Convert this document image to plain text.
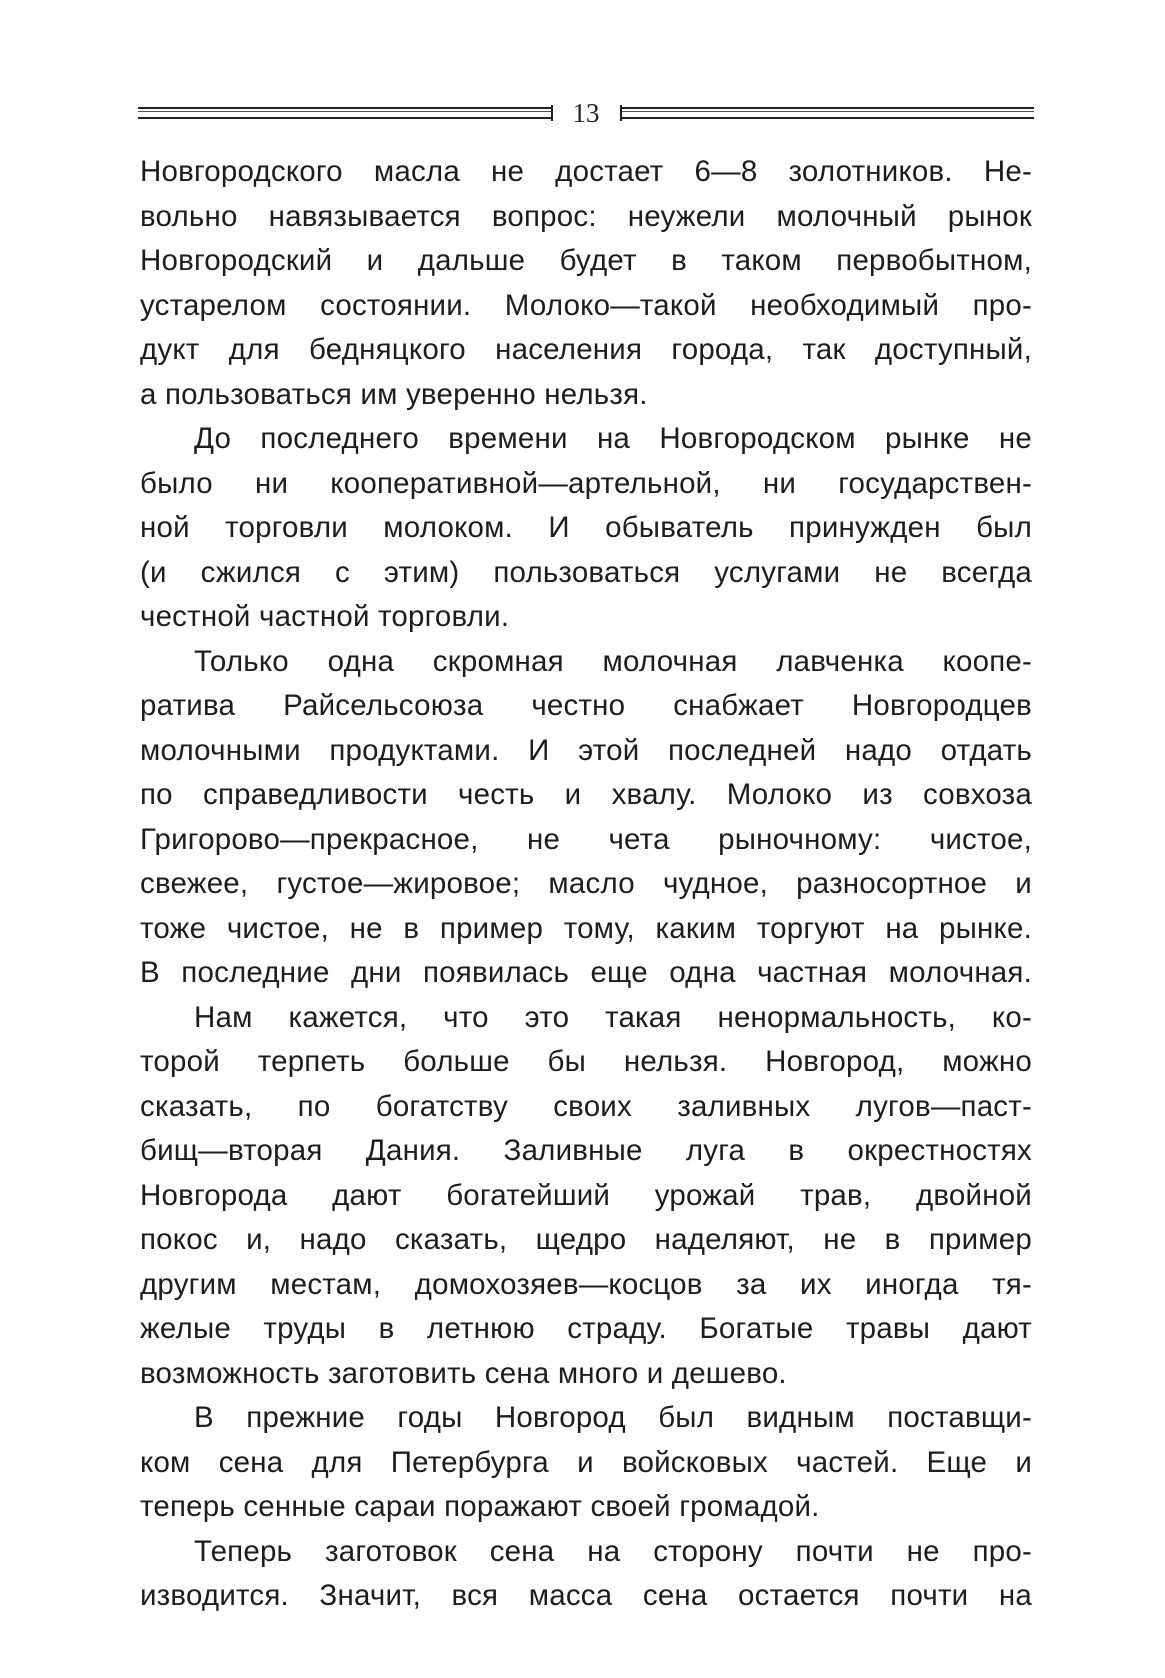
13
Новгородского масла не достает 6—8 золотников. Не-
вольно навязывается вопрос: неужели молочный рынок
Новгородский и дальше будет в таком первобытном,
устарелом состоянии. Молоко—такой необходимый про-
дукт для бедняцкого населения города, так доступный,
а пользоваться им уверенно нельзя.
До последнего времени на Новгородском рынке не
было ни кооперативной—артельной, ни государствен-
ной торговли молоком. И обыватель принужден был
(и сжился с этим) пользоваться услугами не всегда
честной частной торговли.
Только одна скромная молочная лавченка коопе-
ратива Райсельсоюза честно снабжает Новгородцев
молочными продуктами. И этой последней надо отдать
по справедливости честь и хвалу. Молоко из совхоза
Григорово—прекрасное, не чета рыночному: чистое,
свежее, густое—жировое; масло чудное, разносортное и
тоже чистое, не в пример тому, каким торгуют на рынке.
В последние дни появилась еще одна частная молочная.
Нам кажется, что это такая ненормальность, ко-
торой терпеть больше бы нельзя. Новгород, можно
сказать, по богатству своих заливных лугов—паст-
бищ—вторая Дания. Заливные луга в окрестностях
Новгорода дают богатейший урожай трав, двойной
покос и, надо сказать, щедро наделяют, не в пример
другим местам, домохозяев—косцов за их иногда тя-
желые труды в летнюю страду. Богатые травы дают
возможность заготовить сена много и дешево.
В прежние годы Новгород был видным поставщи-
ком сена для Петербурга и войсковых частей. Еще и
теперь сенные сараи поражают своей громадой.
Теперь заготовок сена на сторону почти не про-
изводится. Значит, вся масса сена остается почти на
